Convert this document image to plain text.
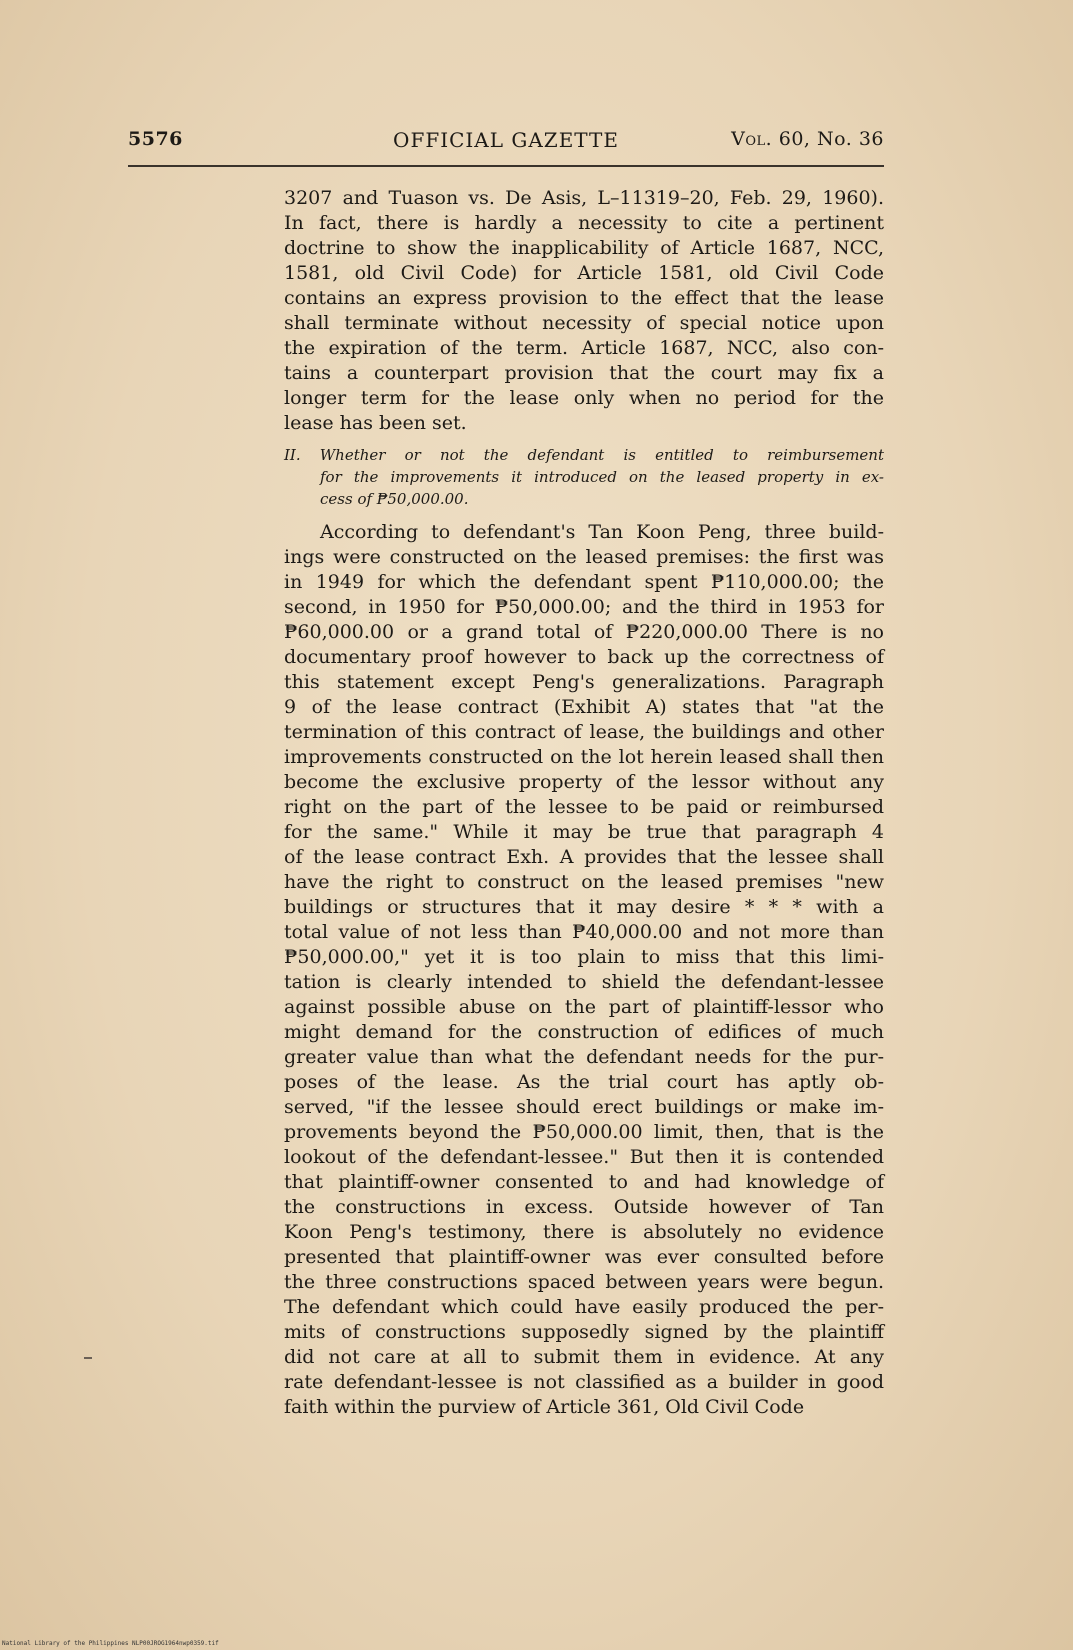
5576	OFFICIAL GAZETTE	Vol. 60, No. 36
3207 and Tuason vs. De Asis, L–11319–20, Feb. 29, 1960).
In fact, there is hardly a necessity to cite a pertinent
doctrine to show the inapplicability of Article 1687, NCC,
1581, old Civil Code) for Article 1581, old Civil Code
contains an express provision to the effect that the lease
shall terminate without necessity of special notice upon
the expiration of the term. Article 1687, NCC, also con-
tains a counterpart provision that the court may fix a
longer term for the lease only when no period for the
lease has been set.
II. Whether or not the defendant is entitled to reimbursement
for the improvements it introduced on the leased property in ex-
cess of ₱50,000.00.
According to defendant's Tan Koon Peng, three build-
ings were constructed on the leased premises: the first was
in 1949 for which the defendant spent ₱110,000.00; the
second, in 1950 for ₱50,000.00; and the third in 1953 for
₱60,000.00 or a grand total of ₱220,000.00 There is no
documentary proof however to back up the correctness of
this statement except Peng's generalizations. Paragraph
9 of the lease contract (Exhibit A) states that "at the
termination of this contract of lease, the buildings and other
improvements constructed on the lot herein leased shall then
become the exclusive property of the lessor without any
right on the part of the lessee to be paid or reimbursed
for the same." While it may be true that paragraph 4
of the lease contract Exh. A provides that the lessee shall
have the right to construct on the leased premises "new
buildings or structures that it may desire * * * with a
total value of not less than ₱40,000.00 and not more than
₱50,000.00," yet it is too plain to miss that this limi-
tation is clearly intended to shield the defendant-lessee
against possible abuse on the part of plaintiff-lessor who
might demand for the construction of edifices of much
greater value than what the defendant needs for the pur-
poses of the lease. As the trial court has aptly ob-
served, "if the lessee should erect buildings or make im-
provements beyond the ₱50,000.00 limit, then, that is the
lookout of the defendant-lessee." But then it is contended
that plaintiff-owner consented to and had knowledge of
the constructions in excess. Outside however of Tan
Koon Peng's testimony, there is absolutely no evidence
presented that plaintiff-owner was ever consulted before
the three constructions spaced between years were begun.
The defendant which could have easily produced the per-
mits of constructions supposedly signed by the plaintiff
did not care at all to submit them in evidence. At any
rate defendant-lessee is not classified as a builder in good
faith within the purview of Article 361, Old Civil Code
National Library of the Philippines NLP00JROG1964nwp0359.tif
